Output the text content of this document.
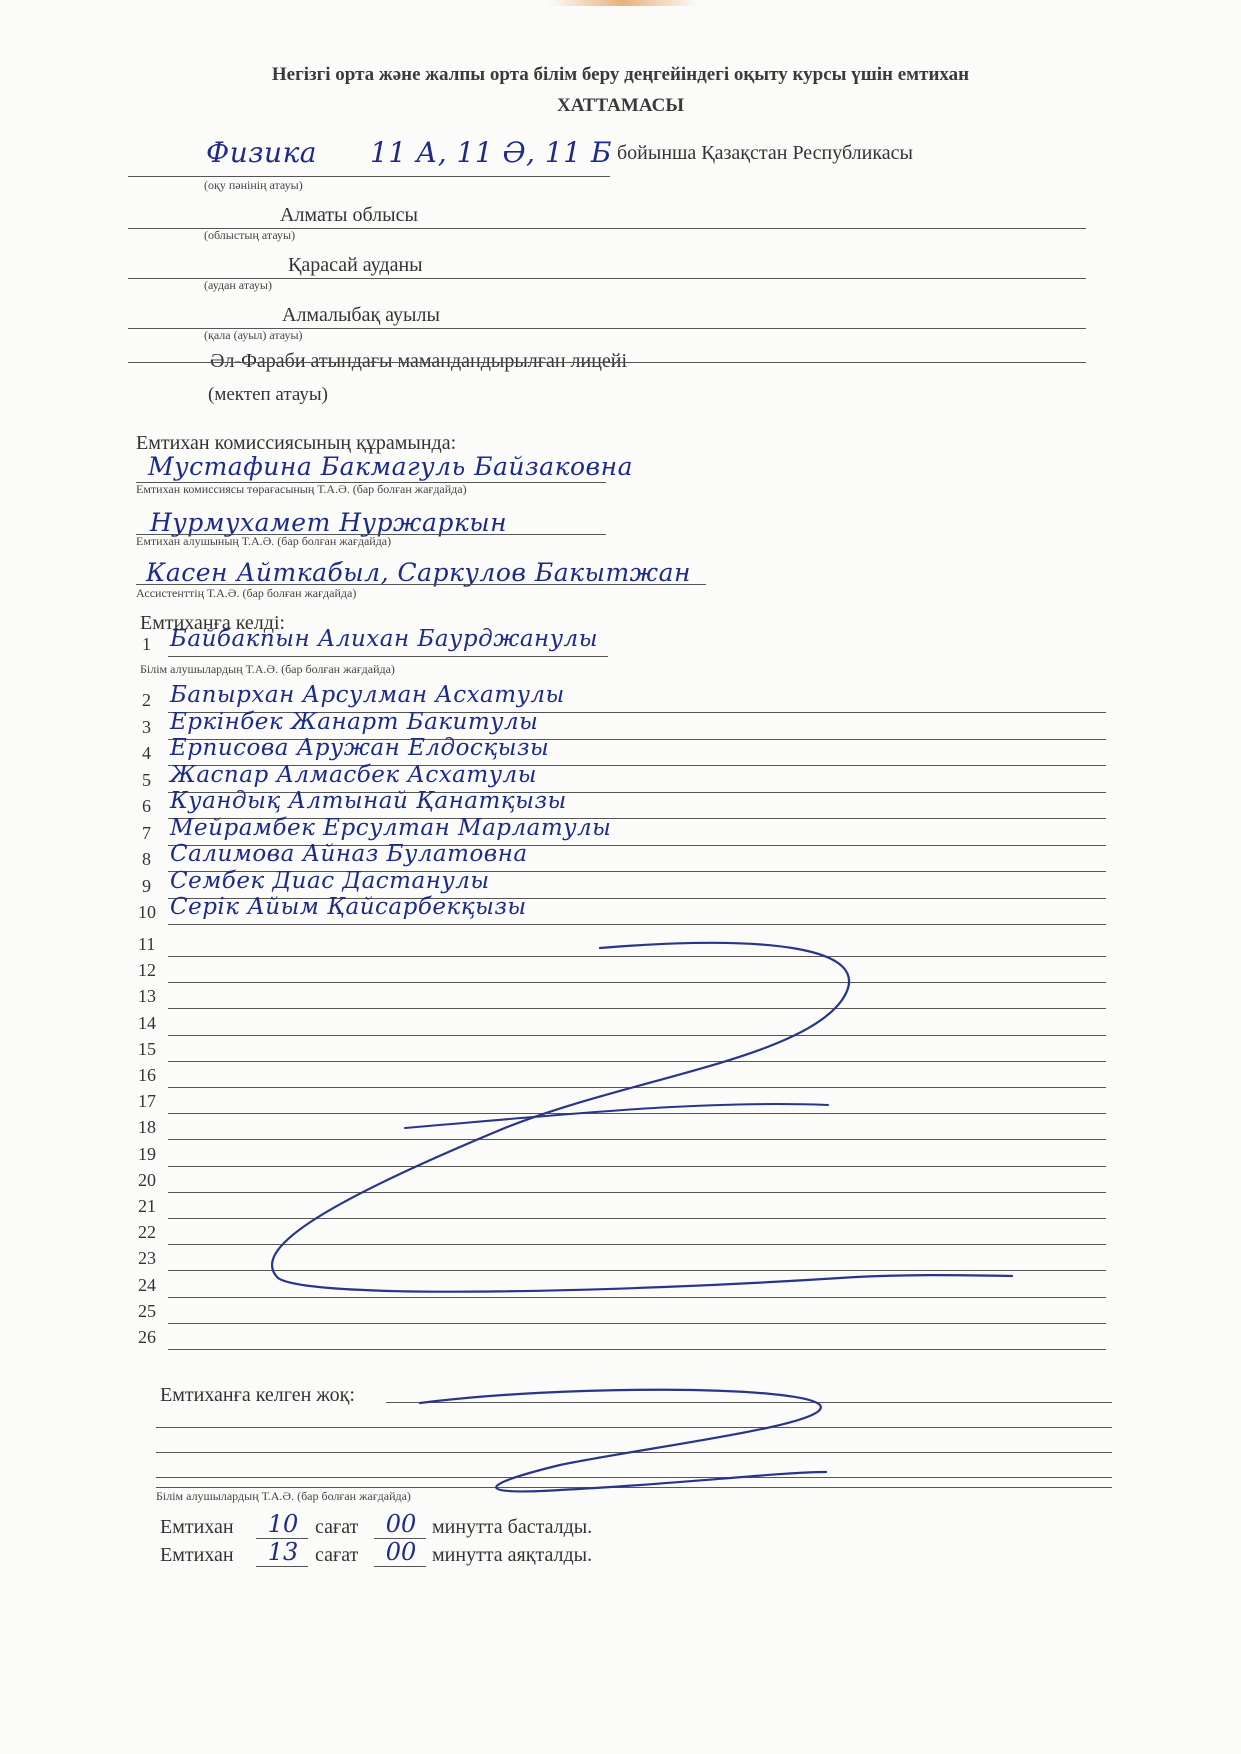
Негізгі орта және жалпы орта білім беру деңгейіндегі оқыту курсы үшін емтихан
ХАТТАМАСЫ
Физика 11 А, 11 Ә, 11 Б бойынша Қазақстан Республикасы
(оқу пәнінің атауы)
Алматы облысы
(облыстың атауы)
Қарасай ауданы
(аудан атауы)
Алмалыбақ ауылы
(қала (ауыл) атауы)
Әл-Фараби атындағы мамандандырылған лицейі
(мектеп атауы)
Емтихан комиссиясының құрамында:
Мустафина Бакмагуль Байзаковна
Емтихан комиссиясы төрағасының Т.А.Ә. (бар болған жағдайда)
Нурмухамет Нуржаркын
Емтихан алушының Т.А.Ә. (бар болған жағдайда)
Касен Айткабыл, Саркулов Бакытжан
Ассистенттің Т.А.Ә. (бар болған жағдайда)
Емтиханға келді:
1 Байбакпын Алихан Баурджанулы
2 Бапырхан Арсулман Асхатулы
3 Еркінбек Жанарт Бакитулы
4 Ерписова Аружан Елдосқызы
5 Жаспар Алмасбек Асхатулы
6 Куандық Алтынай Қанатқызы
7 Мейрамбек Ерсултан Марлатулы
8 Салимова Айназ Булатовна
9 Сембек Диас Дастанулы
10 Серік Айым Қайсарбекқызы
11
12
13
14
15
16
17
18
19
20
21
22
23
24
25
26
Білім алушылардың Т.А.Ә. (бар болған жағдайда)
Емтиханға келген жоқ:
Білім алушылардың Т.А.Ә. (бар болған жағдайда)
Емтихан	10 сағат	00 минутта басталды.
Емтихан	13 сағат	00 минутта аяқталды.
